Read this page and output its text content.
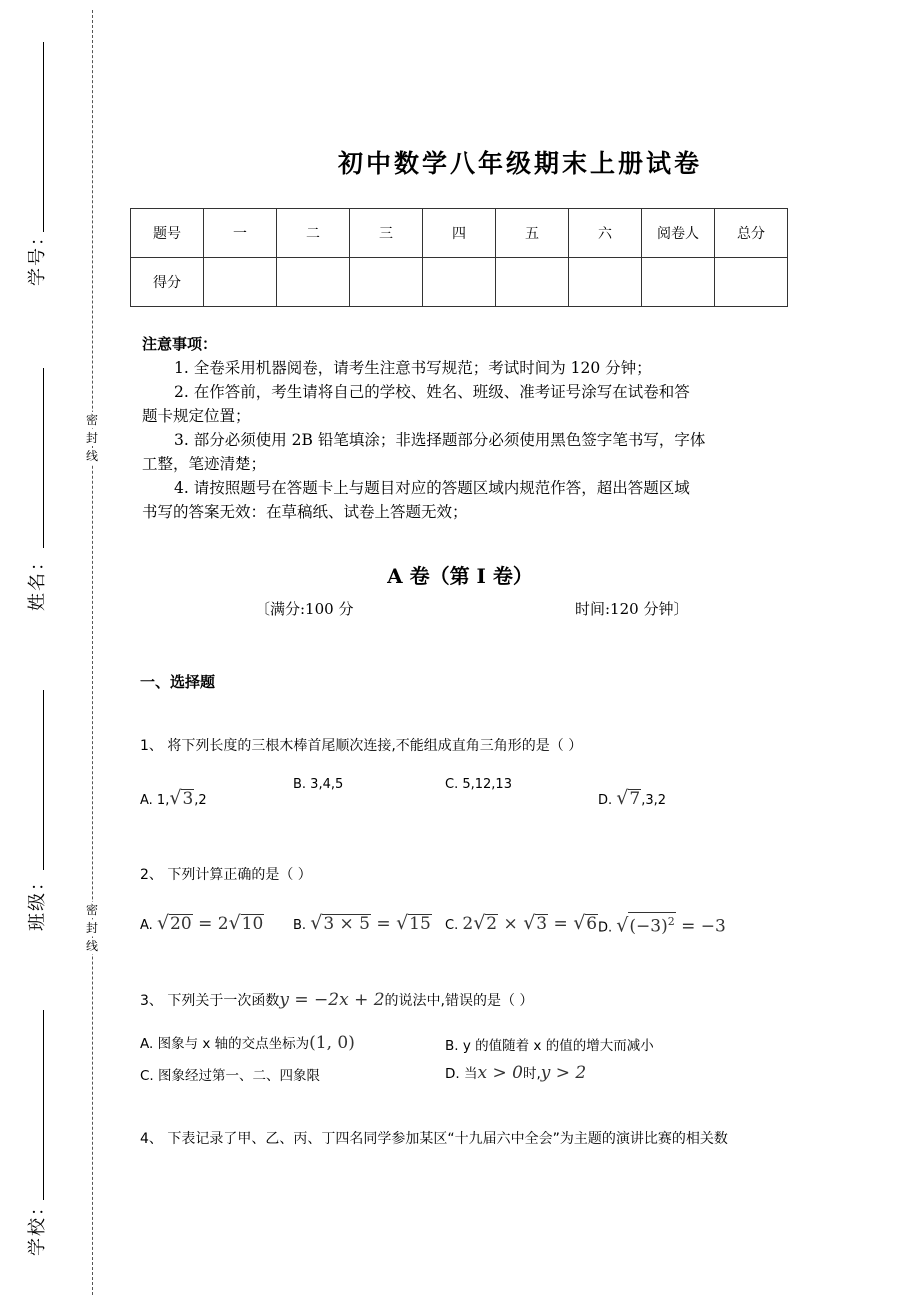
学号：
姓名：
班级：
学校：
密
封
线
密
封
线
初中数学八年级期末上册试卷
题号	一	二	三	四	五	六	阅卷人	总分
得分								
注意事项：
1. 全卷采用机器阅卷，请考生注意书写规范；考试时间为 120 分钟；
2. 在作答前，考生请将自己的学校、姓名、班级、准考证号涂写在试卷和答
题卡规定位置；
3. 部分必须使用 2B 铅笔填涂；非选择题部分必须使用黑色签字笔书写，字体
工整，笔迹清楚；
4. 请按照题号在答题卡上与题目对应的答题区域内规范作答，超出答题区域
书写的答案无效：在草稿纸、试卷上答题无效；
A 卷（第 I 卷）
〔满分:100 分	时间:120 分钟〕
一、选择题
1、 将下列长度的三根木棒首尾顺次连接,不能组成直角三角形的是（ ）
A. 1,√3,2
B. 3,4,5	C. 5,12,13
D. √7,3,2
2、 下列计算正确的是（ ）
A. √20 = 2√10 B. √3 × 5 = √15 C. 2√2 × √3 = √6 D. $√(-3)^2 = -3$
3、 下列关于一次函数y = −2x + 2的说法中,错误的是（ ）
A. 图象与 x 轴的交点坐标为(1, 0)	B. y 的值随着 x 的值的增大而减小
C. 图象经过第一、二、四象限	D. 当x > 0时,y > 2
4、 下表记录了甲、乙、丙、丁四名同学参加某区“十九届六中全会”为主题的演讲比赛的相关数
